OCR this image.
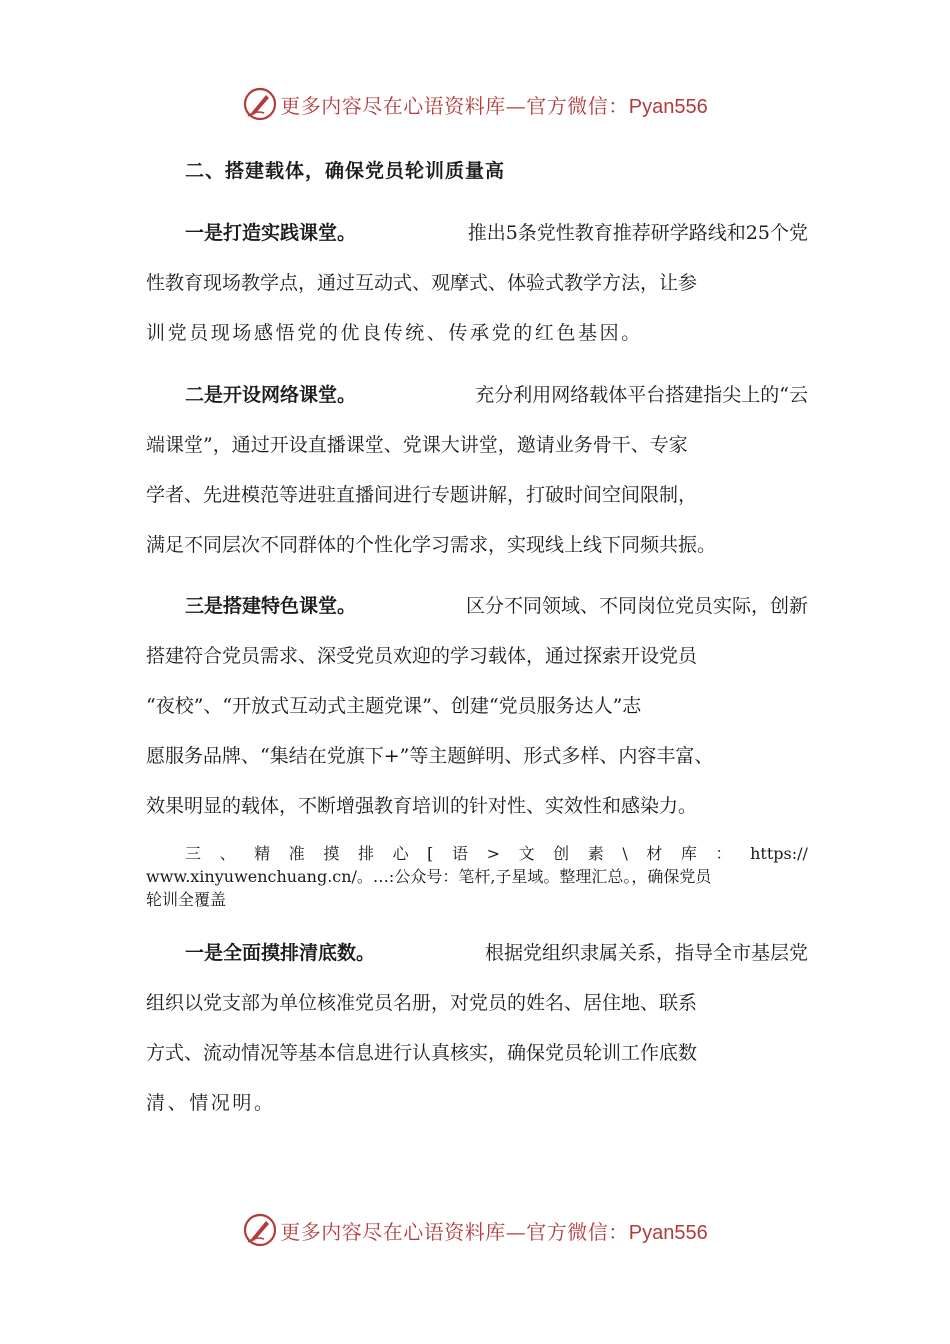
更多内容尽在心语资料库—官方微信：Pyan556
二、搭建载体，确保党员轮训质量高
一是打造实践课堂。	推出5条党性教育推荐研学路线和25个党
性教育现场教学点，通过互动式、观摩式、体验式教学方法，让参
训党员现场感悟党的优良传统、传承党的红色基因。
二是开设网络课堂。	充分利用网络载体平台搭建指尖上的“云
端课堂”，通过开设直播课堂、党课大讲堂，邀请业务骨干、专家
学者、先进模范等进驻直播间进行专题讲解，打破时间空间限制，
满足不同层次不同群体的个性化学习需求，实现线上线下同频共振。
三是搭建特色课堂。	区分不同领域、不同岗位党员实际，创新
搭建符合党员需求、深受党员欢迎的学习载体，通过探索开设党员
“夜校”、“开放式互动式主题党课”、创建“党员服务达人”志
愿服务品牌、“集结在党旗下+”等主题鲜明、形式多样、内容丰富、
效果明显的载体，不断增强教育培训的针对性、实效性和感染力。
三 、 精 准 摸 排 心 [ 语 > 文 创 素 \ 材 库 ： https://
www.xinyuwenchuang.cn/。…:公众号：笔杆,子星域。整理汇总。，确保党员
轮训全覆盖
一是全面摸排清底数。	根据党组织隶属关系，指导全市基层党
组织以党支部为单位核准党员名册，对党员的姓名、居住地、联系
方式、流动情况等基本信息进行认真核实，确保党员轮训工作底数
清、情况明。
更多内容尽在心语资料库—官方微信：Pyan556
